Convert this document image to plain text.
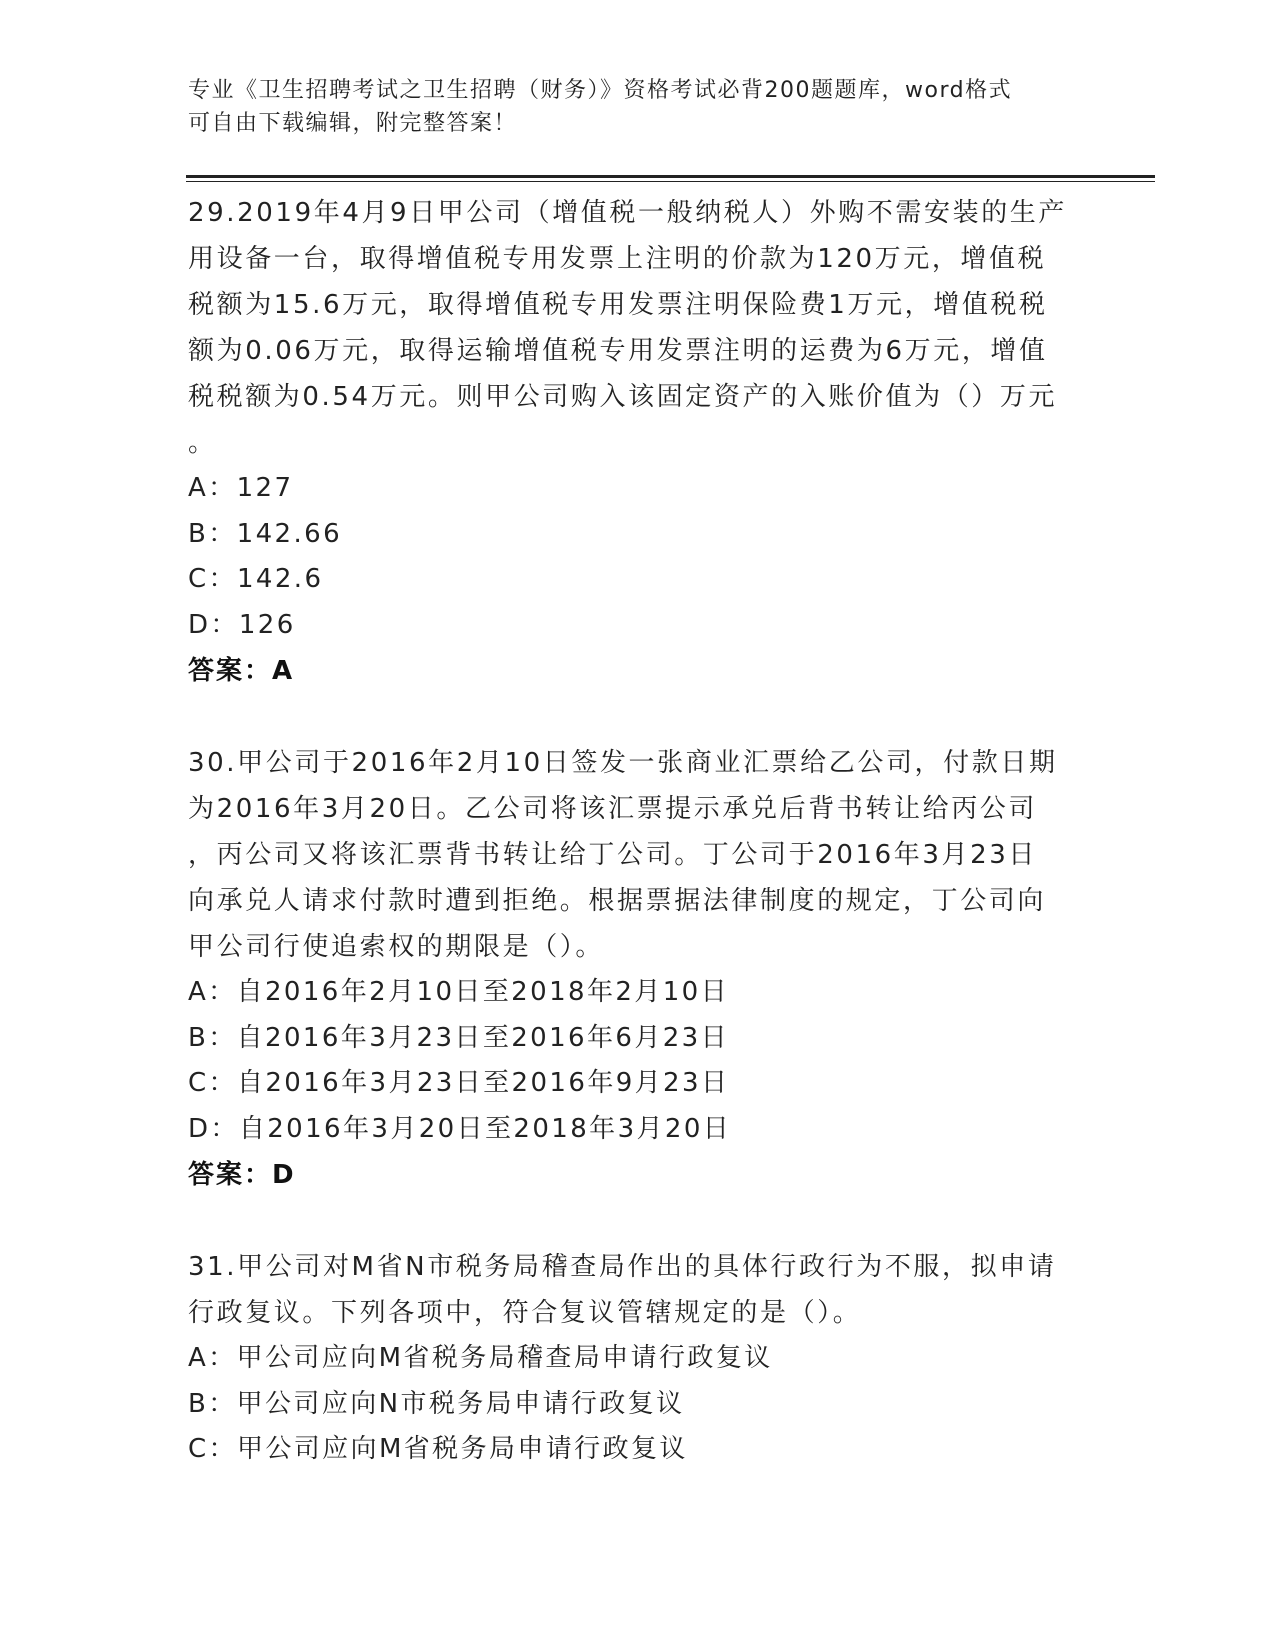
专业《卫生招聘考试之卫生招聘（财务）》资格考试必背200题题库，word格式
可自由下载编辑，附完整答案！
29.2019年4月9日甲公司（增值税一般纳税人）外购不需安装的生产
用设备一台，取得增值税专用发票上注明的价款为120万元，增值税
税额为15.6万元，取得增值税专用发票注明保险费1万元，增值税税
额为0.06万元，取得运输增值税专用发票注明的运费为6万元，增值
税税额为0.54万元。则甲公司购入该固定资产的入账价值为（）万元
。
A：127
B：142.66
C：142.6
D：126
答案：A
30.甲公司于2016年2月10日签发一张商业汇票给乙公司，付款日期
为2016年3月20日。乙公司将该汇票提示承兑后背书转让给丙公司
，丙公司又将该汇票背书转让给丁公司。丁公司于2016年3月23日
向承兑人请求付款时遭到拒绝。根据票据法律制度的规定，丁公司向
甲公司行使追索权的期限是（）。
A：自2016年2月10日至2018年2月10日
B：自2016年3月23日至2016年6月23日
C：自2016年3月23日至2016年9月23日
D：自2016年3月20日至2018年3月20日
答案：D
31.甲公司对M省N市税务局稽查局作出的具体行政行为不服，拟申请
行政复议。下列各项中，符合复议管辖规定的是（）。
A：甲公司应向M省税务局稽查局申请行政复议
B：甲公司应向N市税务局申请行政复议
C：甲公司应向M省税务局申请行政复议
